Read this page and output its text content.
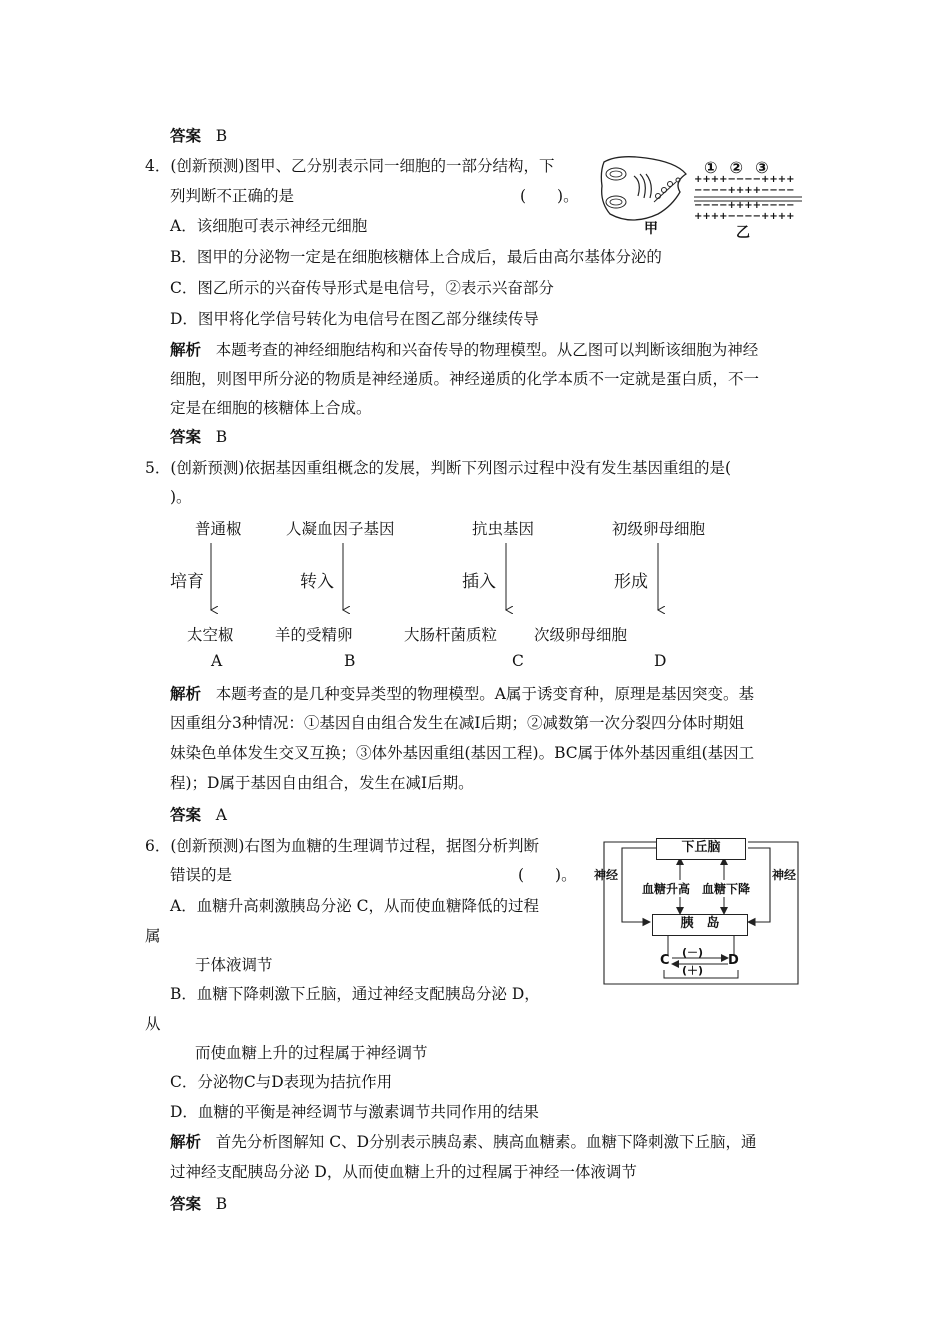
答案 B
4．(创新预测)图甲、乙分别表示同一细胞的一部分结构，下
列判断不正确的是	(　　)。
甲
①②③
++++−−−−++++
−−−−++++−−−−
−−−−++++−−−−
++++−−−−++++
乙
A．该细胞可表示神经元细胞
B．图甲的分泌物一定是在细胞核糖体上合成后，最后由高尔基体分泌的
C．图乙所示的兴奋传导形式是电信号，②表示兴奋部分
D．图甲将化学信号转化为电信号在图乙部分继续传导
解析 本题考查的神经细胞结构和兴奋传导的物理模型。从乙图可以判断该细胞为神经
细胞，则图甲所分泌的物质是神经递质。神经递质的化学本质不一定就是蛋白质，不一
定是在细胞的核糖体上合成。
答案 B
5．(创新预测)依据基因重组概念的发展，判断下列图示过程中没有发生基因重组的是(
)。
普通椒
培育
太空椒
A
人凝血因子基因
转入
羊的受精卵
B
抗虫基因
插入
大肠杆菌质粒
C
初级卵母细胞
形成
次级卵母细胞
D
解析 本题考查的是几种变异类型的物理模型。A属于诱变育种，原理是基因突变。基
因重组分3种情况：①基因自由组合发生在减Ⅰ后期；②减数第一次分裂四分体时期姐
妹染色单体发生交叉互换；③体外基因重组(基因工程)。BC属于体外基因重组(基因工
程)；D属于基因自由组合，发生在减Ⅰ后期。
答案 A
6．(创新预测)右图为血糖的生理调节过程，据图分析判断
错误的是	(　　)。
A．血糖升高刺激胰岛分泌 C，从而使血糖降低的过程
属
于体液调节
B．血糖下降刺激下丘脑，通过神经支配胰岛分泌 D，
从
而使血糖上升的过程属于神经调节
C．分泌物C与D表现为拮抗作用
D．血糖的平衡是神经调节与激素调节共同作用的结果
解析 首先分析图解知 C、D分别表示胰岛素、胰高血糖素。血糖下降刺激下丘脑，通
过神经支配胰岛分泌 D，从而使血糖上升的过程属于神经一体液调节
答案 B
下丘脑
胰　岛
神经	神经
血糖升高 血糖下降
C	D
(－)
(＋)
